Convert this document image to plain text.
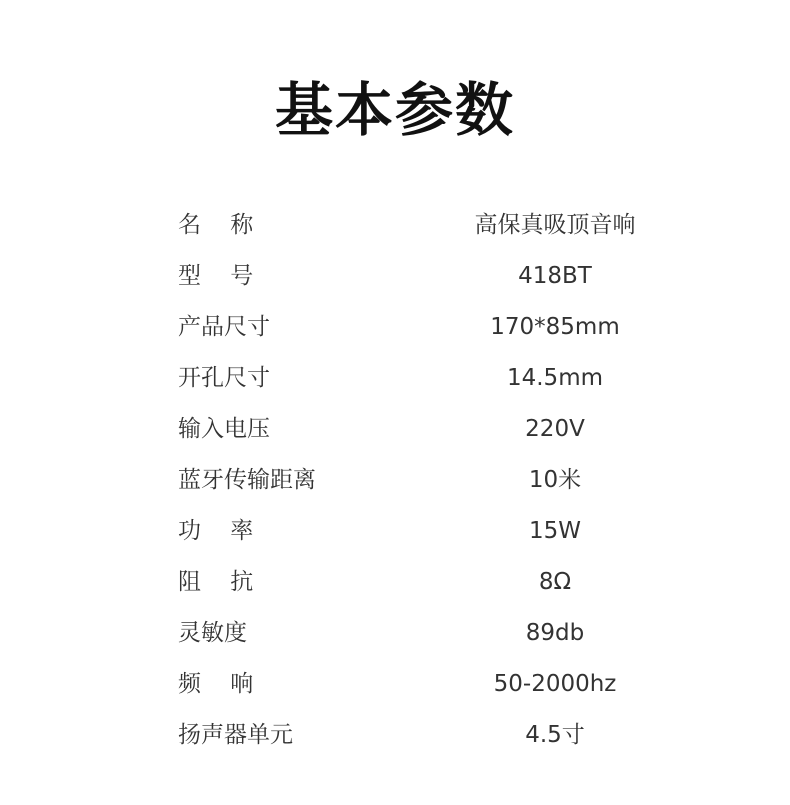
基本参数
名    称	高保真吸顶音响
型    号	418BT
产品尺寸	170*85mm
开孔尺寸	14.5mm
输入电压	220V
蓝牙传输距离	10米
功    率	15W
阻    抗	8Ω
灵敏度	89db
频    响	50-2000hz
扬声器单元	4.5寸
